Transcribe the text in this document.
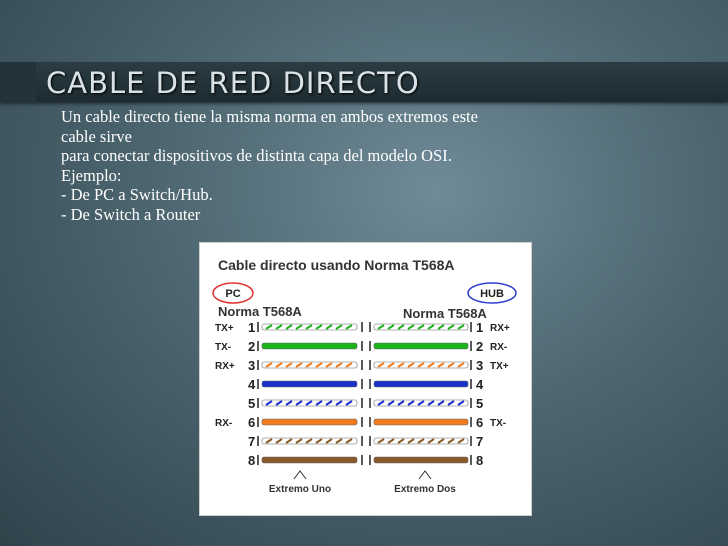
CABLE DE RED DIRECTO
Un cable directo tiene la misma norma en ambos extremos este
cable sirve
para conectar dispositivos de distinta capa del modelo OSI.
Ejemplo:
- De PC a Switch/Hub.
- De Switch a Router
Cable directo usando Norma T568A
PC	HUB
Norma T568A	Norma T568A
TX+ 1	1 RX+
TX- 2	2 RX-
RX+ 3	3 TX+
4	4
5	5
RX- 6	6 TX-
7	7
8	8
Extremo Uno	Extremo Dos
